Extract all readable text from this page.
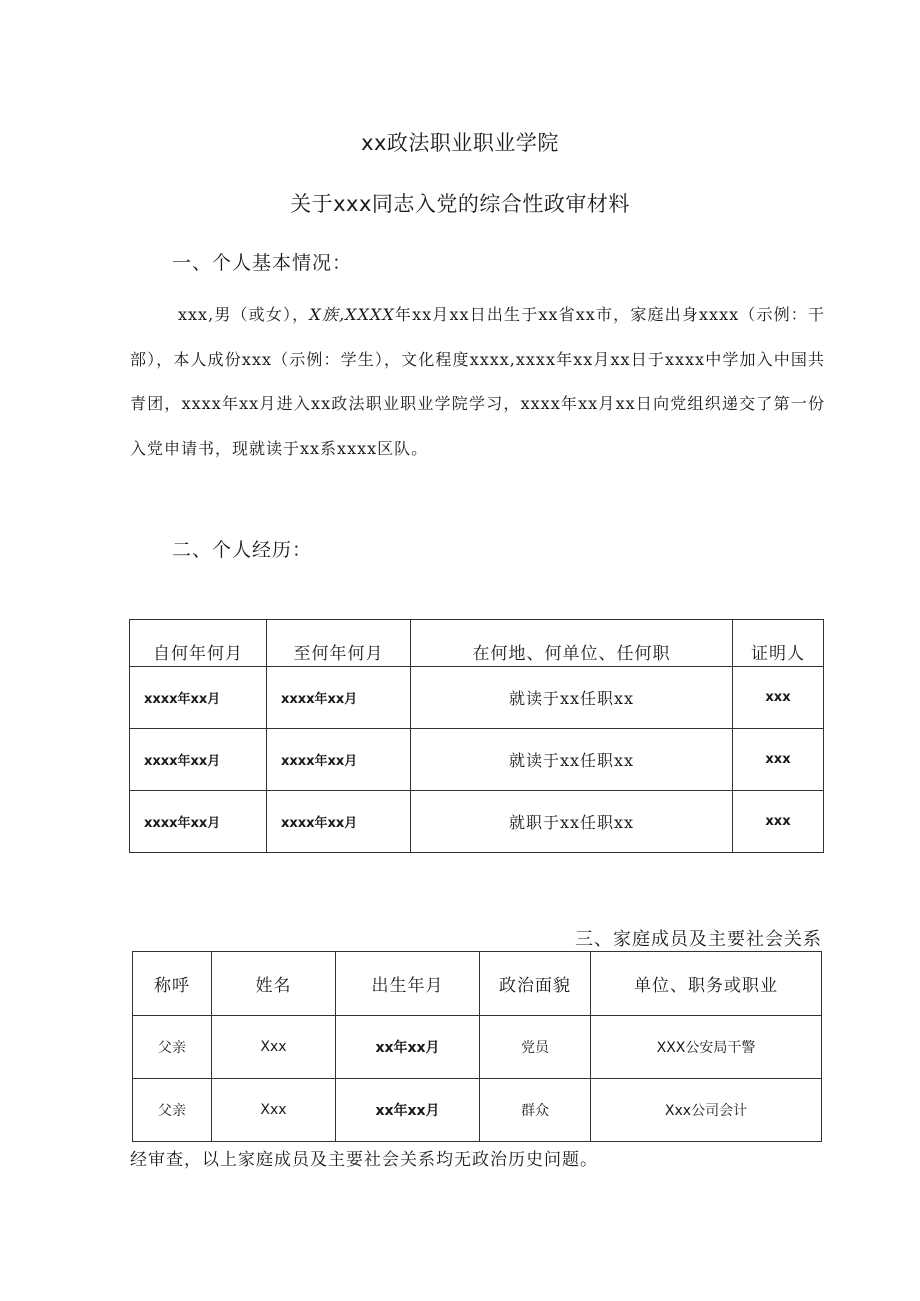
xx政法职业职业学院
关于xxx同志入党的综合性政审材料
一、个人基本情况：

xxx,男（或女），X族,XXXX年xx月xx日出生于xx省xx市，家庭出身xxxx（示例：干部），本人成份xxx（示例：学生），文化程度xxxx,xxxx年xx月xx日于xxxx中学加入中国共青团，xxxx年xx月进入xx政法职业职业学院学习，xxxx年xx月xx日向党组织递交了第一份入党申请书，现就读于xx系xxxx区队。

二、个人经历：
自何年何月	至何年何月	在何地、何单位、任何职	证明人
xxxx年xx月	xxxx年xx月	就读于xx任职xx	xxx
xxxx年xx月	xxxx年xx月	就读于xx任职xx	xxx
xxxx年xx月	xxxx年xx月	就职于xx任职xx	xxx
三、家庭成员及主要社会关系
称呼	姓名	出生年月	政治面貌	单位、职务或职业
父亲	Xxx	xx年xx月	党员	XXX公安局干警
父亲	Xxx	xx年xx月	群众	Xxx公司会计
经审查，以上家庭成员及主要社会关系均无政治历史问题。
